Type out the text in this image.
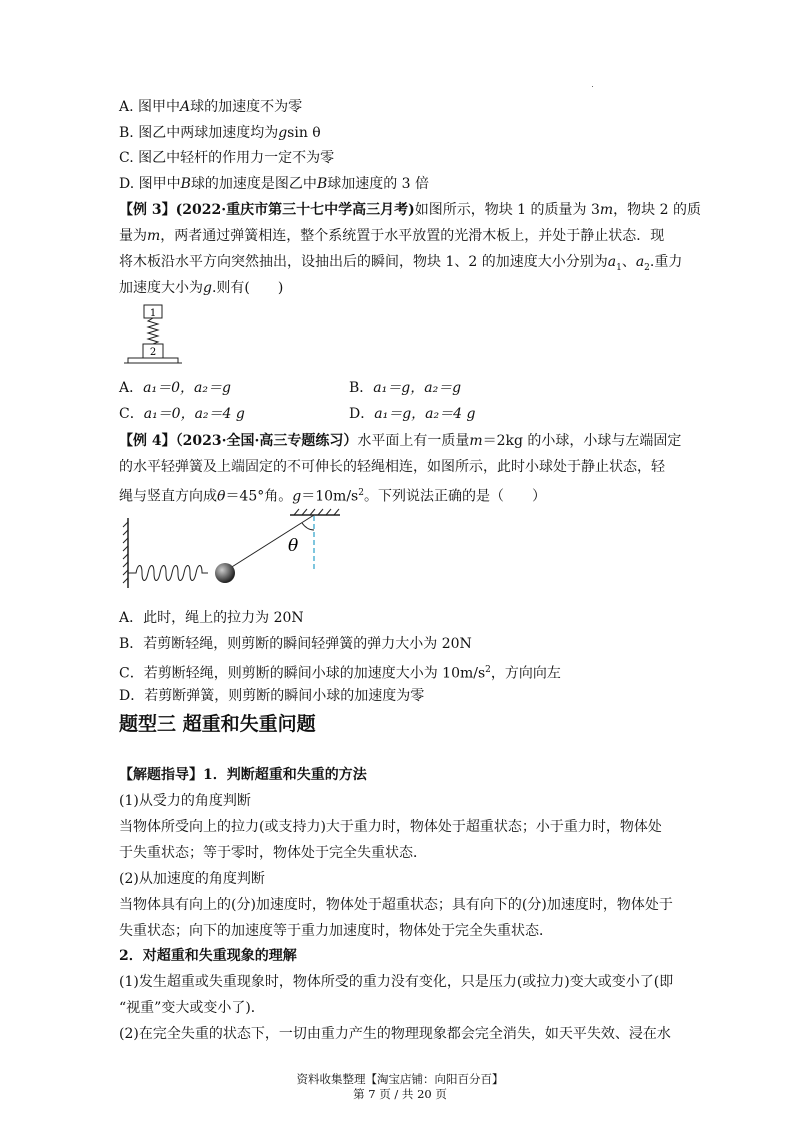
A. 图甲中A球的加速度不为零
B. 图乙中两球加速度均为gsin θ
C. 图乙中轻杆的作用力一定不为零
D. 图甲中B球的加速度是图乙中B球加速度的 3 倍
【例 3】(2022·重庆市第三十七中学高三月考)如图所示，物块 1 的质量为 3m，物块 2 的质
量为m，两者通过弹簧相连，整个系统置于水平放置的光滑木板上，并处于静止状态．现
将木板沿水平方向突然抽出，设抽出后的瞬间，物块 1、2 的加速度大小分别为$a_1$、$a_2$.重力
加速度大小为g.则有(　　)
1
2
A．a₁＝0，a₂＝g	B．a₁＝g，a₂＝g
C．a₁＝0，a₂＝4 g	D．a₁＝g，a₂＝4 g
【例 4】（2023·全国·高三专题练习）水平面上有一质量m＝2kg 的小球，小球与左端固定
的水平轻弹簧及上端固定的不可伸长的轻绳相连，如图所示，此时小球处于静止状态，轻
绳与竖直方向成θ＝45°角。$g=10m/s^2$。下列说法正确的是（　　）
θ
A．此时，绳上的拉力为 20N
B．若剪断轻绳，则剪断的瞬间轻弹簧的弹力大小为 20N
C．若剪断轻绳，则剪断的瞬间小球的加速度大小为 $10m/s^2$，方向向左
D．若剪断弹簧，则剪断的瞬间小球的加速度为零
题型三 超重和失重问题
【解题指导】1．判断超重和失重的方法
(1)从受力的角度判断
当物体所受向上的拉力(或支持力)大于重力时，物体处于超重状态；小于重力时，物体处
于失重状态；等于零时，物体处于完全失重状态．
(2)从加速度的角度判断
当物体具有向上的(分)加速度时，物体处于超重状态；具有向下的(分)加速度时，物体处于
失重状态；向下的加速度等于重力加速度时，物体处于完全失重状态．
2．对超重和失重现象的理解
(1)发生超重或失重现象时，物体所受的重力没有变化，只是压力(或拉力)变大或变小了(即
“视重”变大或变小了)．
(2)在完全失重的状态下，一切由重力产生的物理现象都会完全消失，如天平失效、浸在水
资料收集整理【淘宝店铺：向阳百分百】
第 7 页 / 共 20 页
